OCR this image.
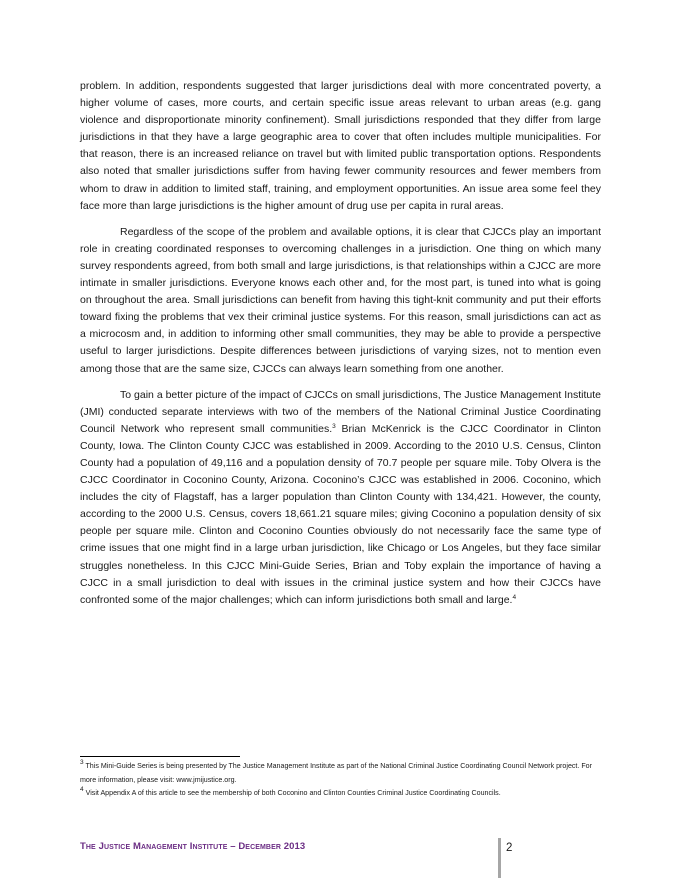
problem. In addition, respondents suggested that larger jurisdictions deal with more concentrated poverty, a higher volume of cases, more courts, and certain specific issue areas relevant to urban areas (e.g. gang violence and disproportionate minority confinement). Small jurisdictions responded that they differ from large jurisdictions in that they have a large geographic area to cover that often includes multiple municipalities. For that reason, there is an increased reliance on travel but with limited public transportation options. Respondents also noted that smaller jurisdictions suffer from having fewer community resources and fewer members from whom to draw in addition to limited staff, training, and employment opportunities. An issue area some feel they face more than large jurisdictions is the higher amount of drug use per capita in rural areas.

Regardless of the scope of the problem and available options, it is clear that CJCCs play an important role in creating coordinated responses to overcoming challenges in a jurisdiction. One thing on which many survey respondents agreed, from both small and large jurisdictions, is that relationships within a CJCC are more intimate in smaller jurisdictions. Everyone knows each other and, for the most part, is tuned into what is going on throughout the area. Small jurisdictions can benefit from having this tight-knit community and put their efforts toward fixing the problems that vex their criminal justice systems. For this reason, small jurisdictions can act as a microcosm and, in addition to informing other small communities, they may be able to provide a perspective useful to larger jurisdictions. Despite differences between jurisdictions of varying sizes, not to mention even among those that are the same size, CJCCs can always learn something from one another.

To gain a better picture of the impact of CJCCs on small jurisdictions, The Justice Management Institute (JMI) conducted separate interviews with two of the members of the National Criminal Justice Coordinating Council Network who represent small communities.$^3$ Brian McKenrick is the CJCC Coordinator in Clinton County, Iowa. The Clinton County CJCC was established in 2009. According to the 2010 U.S. Census, Clinton County had a population of 49,116 and a population density of 70.7 people per square mile. Toby Olvera is the CJCC Coordinator in Coconino County, Arizona. Coconino’s CJCC was established in 2006. Coconino, which includes the city of Flagstaff, has a larger population than Clinton County with 134,421. However, the county, according to the 2000 U.S. Census, covers 18,661.21 square miles; giving Coconino a population density of six people per square mile. Clinton and Coconino Counties obviously do not necessarily face the same type of crime issues that one might find in a large urban jurisdiction, like Chicago or Los Angeles, but they face similar struggles nonetheless. In this CJCC Mini-Guide Series, Brian and Toby explain the importance of having a CJCC in a small jurisdiction to deal with issues in the criminal justice system and how their CJCCs have confronted some of the major challenges; which can inform jurisdictions both small and large.$^4$

$^3$ This Mini-Guide Series is being presented by The Justice Management Institute as part of the National Criminal Justice Coordinating Council Network project. For more information, please visit: www.jmijustice.org.

$^4$ Visit Appendix A of this article to see the membership of both Coconino and Clinton Counties Criminal Justice Coordinating Councils.

The Justice Management Institute – December 2013	2
